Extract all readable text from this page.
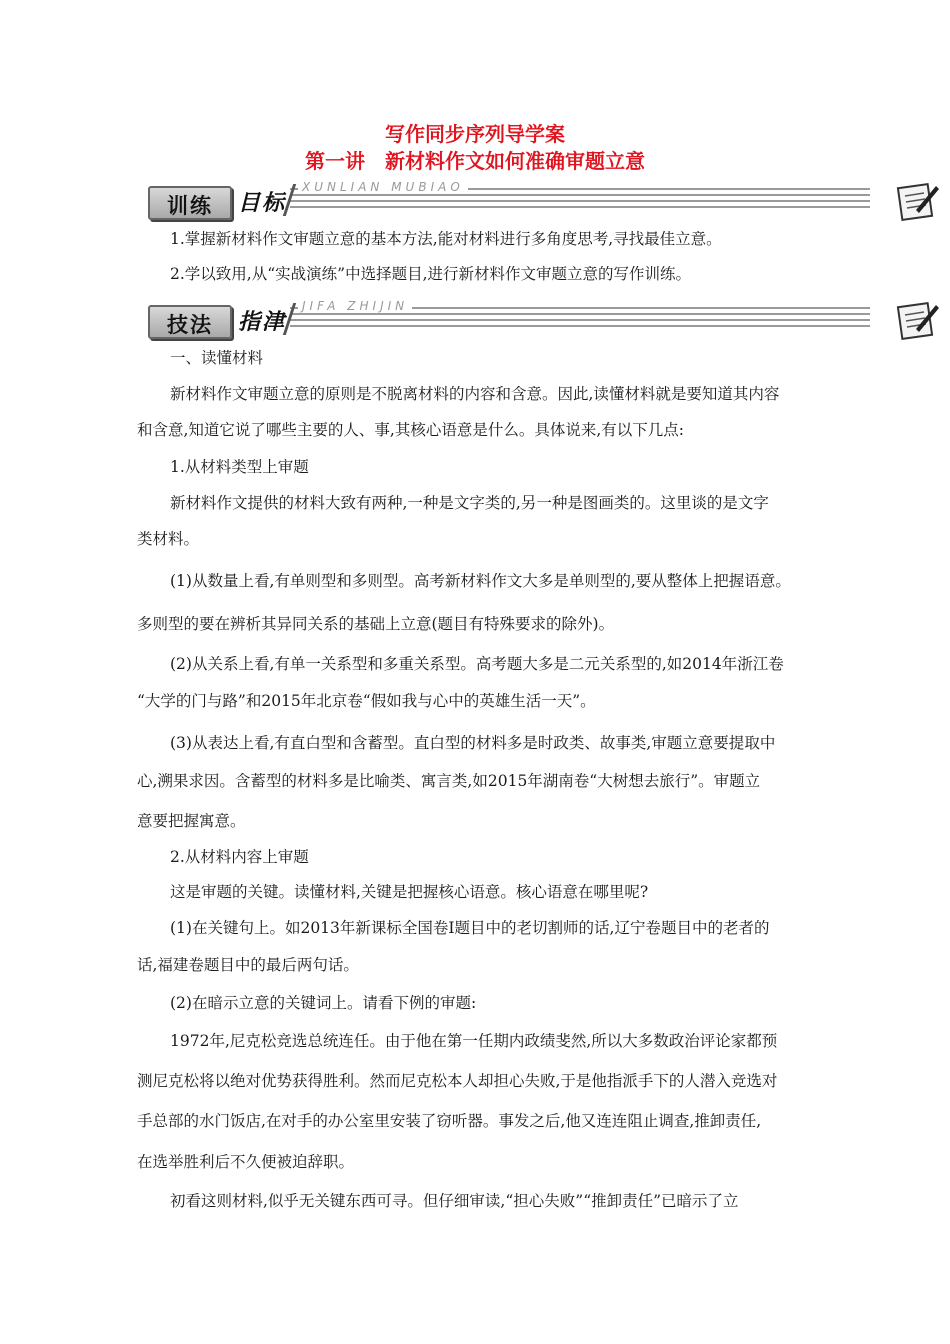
写作同步序列导学案
第一讲　新材料作文如何准确审题立意
训练	目标
XUNLIAN MUBIAO
1.掌握新材料作文审题立意的基本方法,能对材料进行多角度思考,寻找最佳立意。
2.学以致用,从“实战演练”中选择题目,进行新材料作文审题立意的写作训练。
技法	指津
JIFA ZHIJIN
一、读懂材料
新材料作文审题立意的原则是不脱离材料的内容和含意。因此,读懂材料就是要知道其内容
和含意,知道它说了哪些主要的人、事,其核心语意是什么。具体说来,有以下几点:
1.从材料类型上审题
新材料作文提供的材料大致有两种,一种是文字类的,另一种是图画类的。这里谈的是文字
类材料。
(1)从数量上看,有单则型和多则型。高考新材料作文大多是单则型的,要从整体上把握语意。
多则型的要在辨析其异同关系的基础上立意(题目有特殊要求的除外)。
(2)从关系上看,有单一关系型和多重关系型。高考题大多是二元关系型的,如2014年浙江卷
“大学的门与路”和2015年北京卷“假如我与心中的英雄生活一天”。
(3)从表达上看,有直白型和含蓄型。直白型的材料多是时政类、故事类,审题立意要提取中
心,溯果求因。含蓄型的材料多是比喻类、寓言类,如2015年湖南卷“大树想去旅行”。审题立
意要把握寓意。
2.从材料内容上审题
这是审题的关键。读懂材料,关键是把握核心语意。核心语意在哪里呢?
(1)在关键句上。如2013年新课标全国卷Ⅰ题目中的老切割师的话,辽宁卷题目中的老者的
话,福建卷题目中的最后两句话。
(2)在暗示立意的关键词上。请看下例的审题:
1972年,尼克松竞选总统连任。由于他在第一任期内政绩斐然,所以大多数政治评论家都预
测尼克松将以绝对优势获得胜利。然而尼克松本人却担心失败,于是他指派手下的人潜入竞选对
手总部的水门饭店,在对手的办公室里安装了窃听器。事发之后,他又连连阻止调查,推卸责任,
在选举胜利后不久便被迫辞职。
初看这则材料,似乎无关键东西可寻。但仔细审读,“担心失败”“推卸责任”已暗示了立
